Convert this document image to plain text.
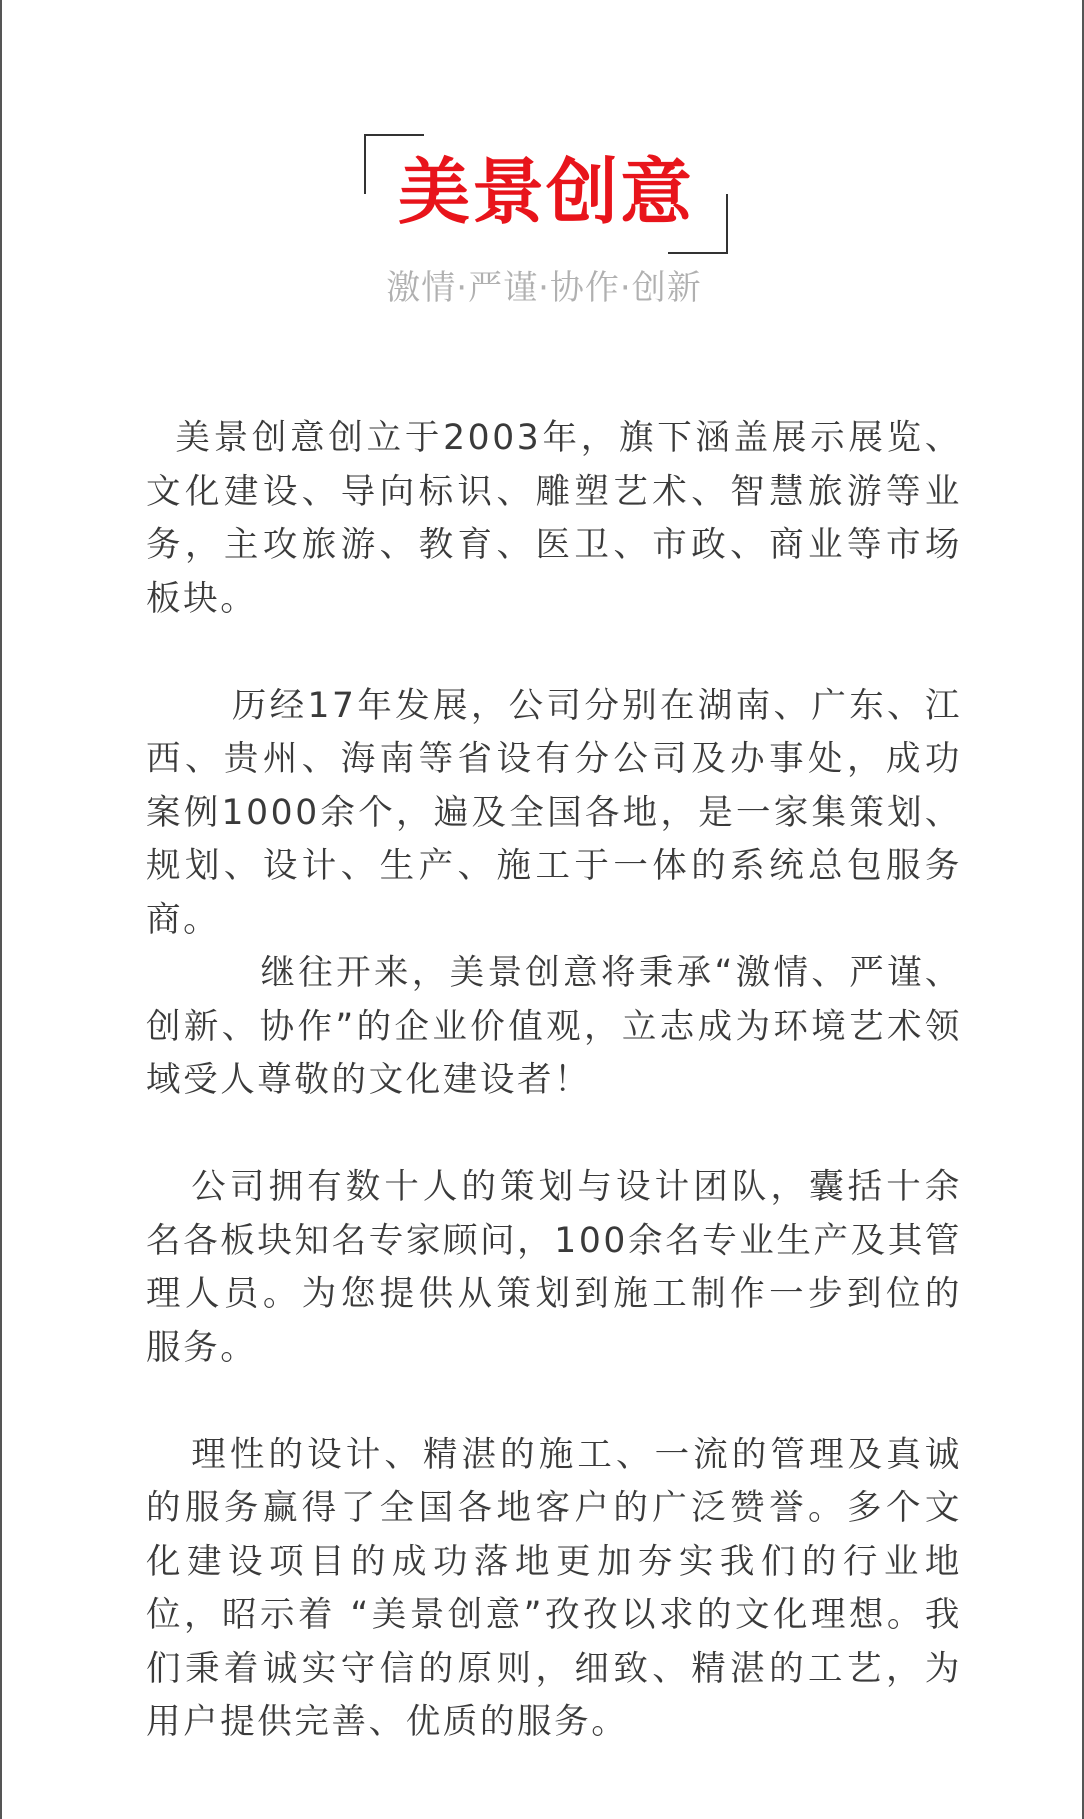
美景创意
激情·严谨·协作·创新

美景创意创立于2003年，旗下涵盖展示展览、文化建设、导向标识、雕塑艺术、智慧旅游等业务，主攻旅游、教育、医卫、市政、商业等市场板块。

历经17年发展，公司分别在湖南、广东、江西、贵州、海南等省设有分公司及办事处，成功案例1000余个，遍及全国各地，是一家集策划、规划、设计、生产、施工于一体的系统总包服务商。

继往开来，美景创意将秉承“激情、严谨、创新、协作”的企业价值观，立志成为环境艺术领域受人尊敬的文化建设者！

公司拥有数十人的策划与设计团队，囊括十余名各板块知名专家顾问，100余名专业生产及其管理人员。为您提供从策划到施工制作一步到位的服务。

理性的设计、精湛的施工、一流的管理及真诚的服务赢得了全国各地客户的广泛赞誉。多个文化建设项目的成功落地更加夯实我们的行业地位，昭示着 “美景创意”孜孜以求的文化理想。我们秉着诚实守信的原则，细致、精湛的工艺，为用户提供完善、优质的服务。
